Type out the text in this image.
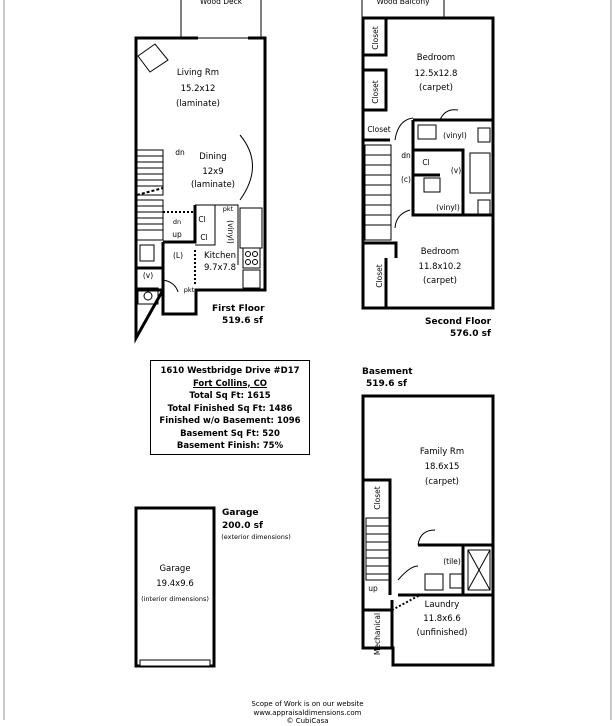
Wood Deck
Living Rm
15.2x12
(laminate)
Dining
12x9
(laminate)
Kitchen
9.7x7.8
dn
dn
up
Cl
Cl
pkt
pkt
(vinyl)
(v)
(L)
First Floor
519.6 sf
Wood Balcony
Bedroom
12.5x12.8
(carpet)
Bedroom
11.8x10.2
(carpet)
Closet
Closet
Closet
Closet
(vinyl)
(vinyl)
(v)
(c)
Cl
dn
Second Floor
576.0 sf
Basement
519.6 sf
Family Rm
18.6x15
(carpet)
Laundry
11.8x6.6
(unfinished)
(tile)
Closet
Mechanical
up
Garage
200.0 sf
(exterior dimensions)
Garage
19.4x9.6
(interior dimensions)
1610 Westbridge Drive #D17
Fort Collins, CO
Total Sq Ft: 1615
Total Finished Sq Ft: 1486
Finished w/o Basement: 1096
Basement Sq Ft: 520
Basement Finish: 75%
Scope of Work is on our website
www.appraisaldimensions.com
© CubiCasa
